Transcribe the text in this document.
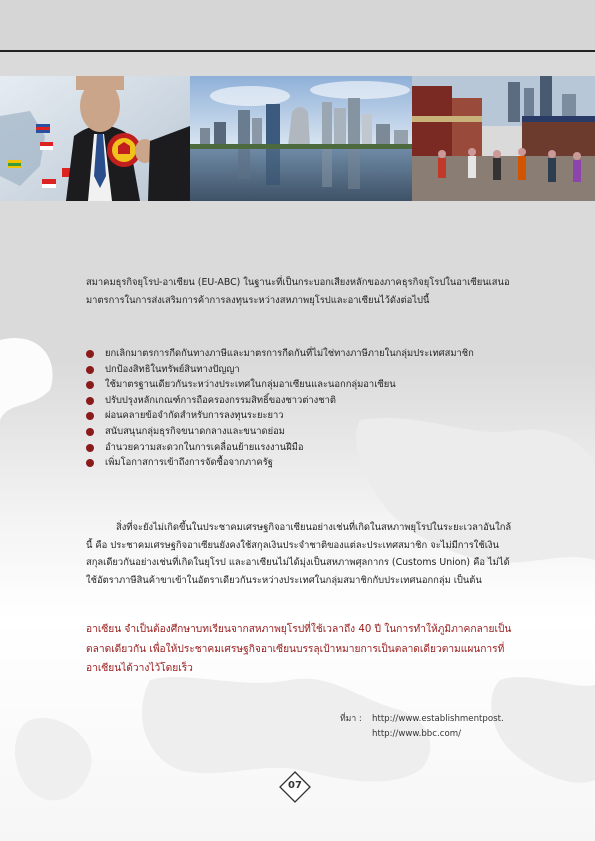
สมาคมธุรกิจยุโรป-อาเซียน (EU-ABC) ในฐานะที่เป็นกระบอกเสียงหลักของภาคธุรกิจยุโรปในอาเซียนเสนอมาตรการในการส่งเสริมการค้าการลงทุนระหว่างสหภาพยุโรปและอาเซียนไว้ดังต่อไปนี้

ยกเลิกมาตรการกีดกันทางภาษีและมาตรการกีดกันที่ไม่ใช่ทางภาษีภายในกลุ่มประเทศสมาชิก
ปกป้องสิทธิในทรัพย์สินทางปัญญา
ใช้มาตรฐานเดียวกันระหว่างประเทศในกลุ่มอาเซียนและนอกกลุ่มอาเซียน
ปรับปรุงหลักเกณฑ์การถือครองกรรมสิทธิ์ของชาวต่างชาติ
ผ่อนคลายข้อจำกัดสำหรับการลงทุนระยะยาว
สนับสนุนกลุ่มธุรกิจขนาดกลางและขนาดย่อม
อำนวยความสะดวกในการเคลื่อนย้ายแรงงานฝีมือ
เพิ่มโอกาสการเข้าถึงการจัดซื้อจากภาครัฐ

สิ่งที่จะยังไม่เกิดขึ้นในประชาคมเศรษฐกิจอาเซียนอย่างเช่นที่เกิดในสหภาพยุโรปในระยะเวลาอันใกล้นี้ คือ ประชาคมเศรษฐกิจอาเซียนยังคงใช้สกุลเงินประจำชาติของแต่ละประเทศสมาชิก จะไม่มีการใช้เงินสกุลเดียวกันอย่างเช่นที่เกิดในยุโรป และอาเซียนไม่ได้มุ่งเป็นสหภาพศุลกากร (Customs Union) คือ ไม่ได้ใช้อัตราภาษีสินค้าขาเข้าในอัตราเดียวกันระหว่างประเทศในกลุ่มสมาชิกกับประเทศนอกกลุ่ม เป็นต้น

อาเซียน จำเป็นต้องศึกษาบทเรียนจากสหภาพยุโรปที่ใช้เวลาถึง 40 ปี ในการทำให้ภูมิภาคกลายเป็นตลาดเดียวกัน เพื่อให้ประชาคมเศรษฐกิจอาเซียนบรรลุเป้าหมายการเป็นตลาดเดียวตามแผนการที่อาเซียนได้วางไว้โดยเร็ว

ที่มา : http://www.establishmentpost.
http://www.bbc.com/
07
